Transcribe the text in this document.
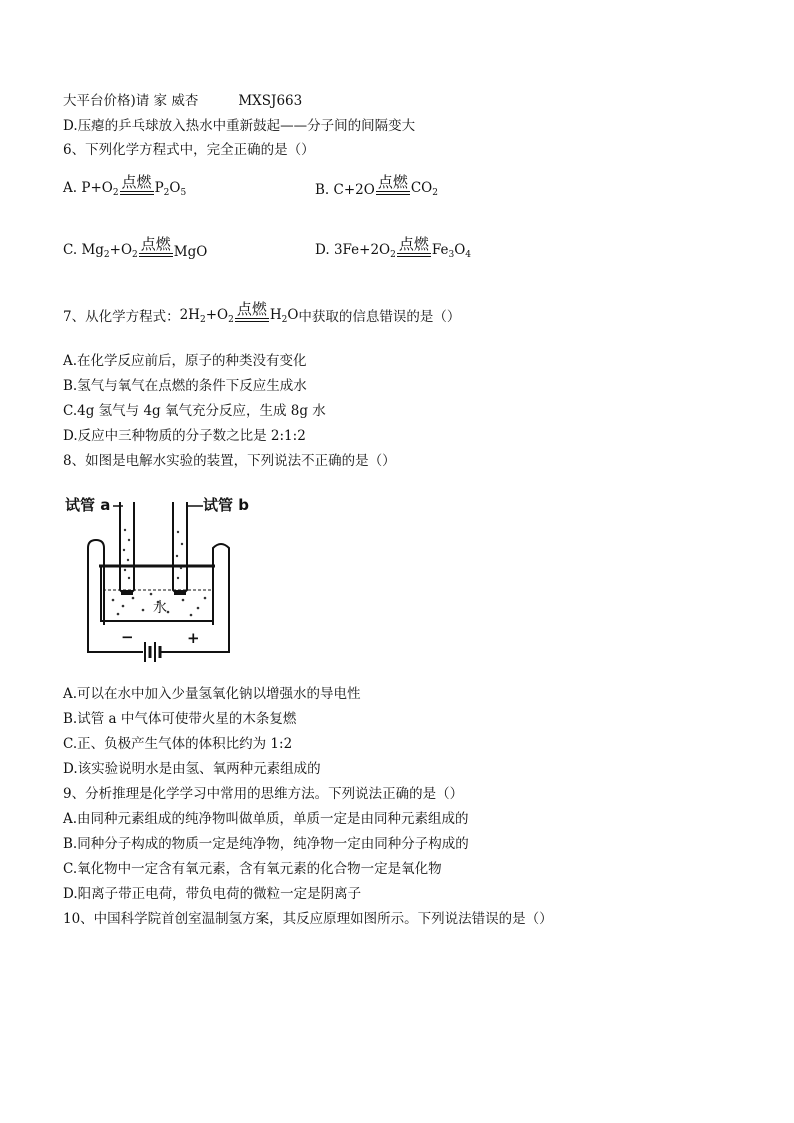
大平台价格)请 家 威杏	MXSJ663
D.压瘪的乒乓球放入热水中重新鼓起——分子间的间隔变大
6、下列化学方程式中，完全正确的是（）
A. $P+O_2$
点燃 $P_2O_5$	B. C+2O 点燃 $CO_2$
C. $Mg_2+O_2$
点燃 MgO	D. $3Fe+2O_2$
点燃 $Fe_3O_4$
7、从化学方程式：$2H_2+O_2$
点燃 $H_2O$中获取的信息错误的是（）
A.在化学反应前后，原子的种类没有变化
B.氢气与氧气在点燃的条件下反应生成水
C.4g 氢气与 4g 氧气充分反应，生成 8g 水
D.反应中三种物质的分子数之比是 2:1:2
8、如图是电解水实验的装置，下列说法不正确的是（）
试管 a	试管 b
水
−	+
A.可以在水中加入少量氢氧化钠以增强水的导电性
B.试管 a 中气体可使带火星的木条复燃
C.正、负极产生气体的体积比约为 1:2
D.该实验说明水是由氢、氧两种元素组成的
9、分析推理是化学学习中常用的思维方法。下列说法正确的是（）
A.由同种元素组成的纯净物叫做单质，单质一定是由同种元素组成的
B.同种分子构成的物质一定是纯净物，纯净物一定由同种分子构成的
C.氧化物中一定含有氧元素，含有氧元素的化合物一定是氧化物
D.阳离子带正电荷，带负电荷的微粒一定是阴离子
10、中国科学院首创室温制氢方案，其反应原理如图所示。下列说法错误的是（）
